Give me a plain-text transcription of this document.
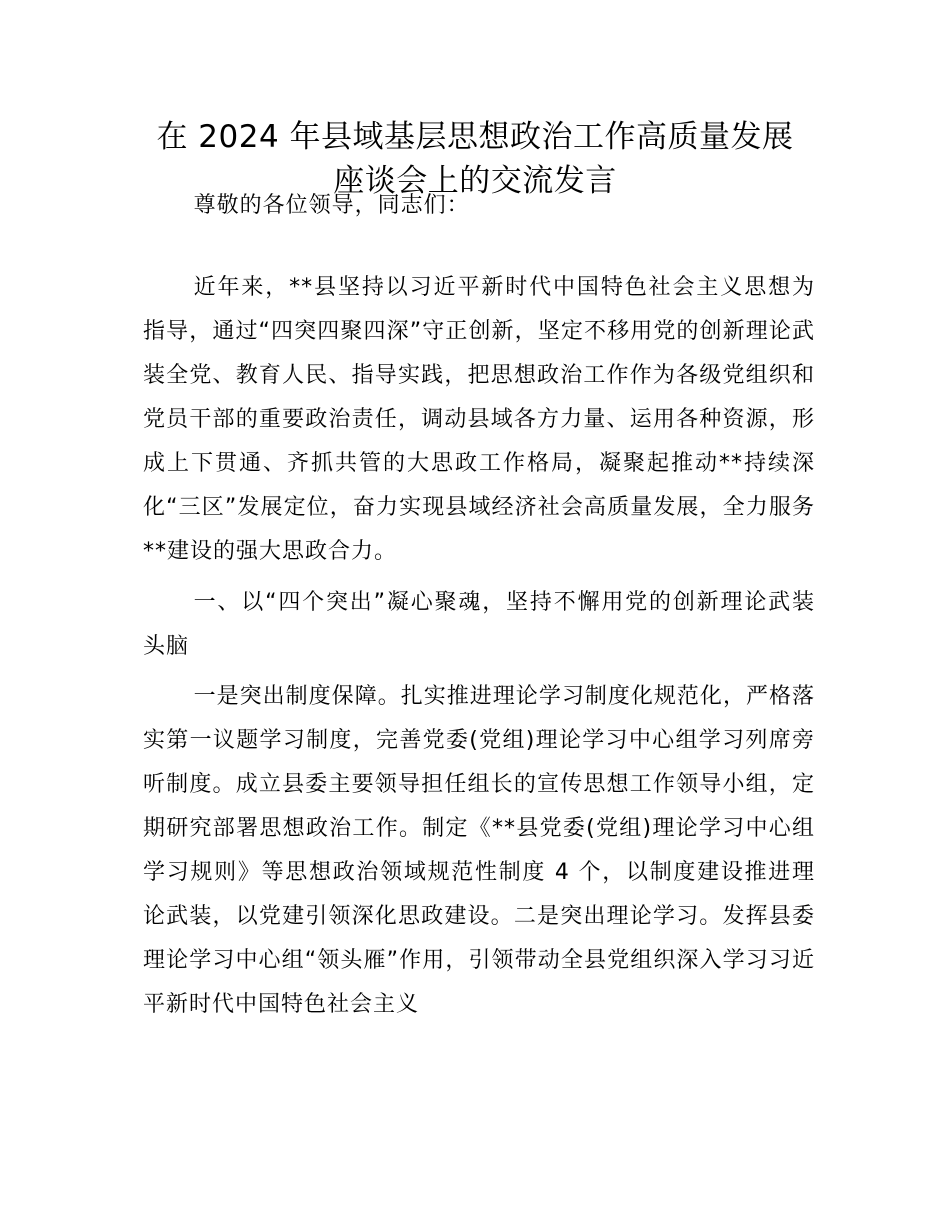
在 2024 年县域基层思想政治工作高质量发展
座谈会上的交流发言

尊敬的各位领导，同志们：

近年来，**县坚持以习近平新时代中国特色社会主义思想为指导，通过“四突四聚四深”守正创新，坚定不移用党的创新理论武装全党、教育人民、指导实践，把思想政治工作作为各级党组织和党员干部的重要政治责任，调动县域各方力量、运用各种资源，形成上下贯通、齐抓共管的大思政工作格局，凝聚起推动**持续深化“三区”发展定位，奋力实现县域经济社会高质量发展，全力服务**建设的强大思政合力。

一、以“四个突出”凝心聚魂，坚持不懈用党的创新理论武装头脑

一是突出制度保障。扎实推进理论学习制度化规范化，严格落实第一议题学习制度，完善党委(党组)理论学习中心组学习列席旁听制度。成立县委主要领导担任组长的宣传思想工作领导小组，定期研究部署思想政治工作。制定《**县党委(党组)理论学习中心组学习规则》等思想政治领域规范性制度 4 个，以制度建设推进理论武装，以党建引领深化思政建设。二是突出理论学习。发挥县委理论学习中心组“领头雁”作用，引领带动全县党组织深入学习习近平新时代中国特色社会主义
